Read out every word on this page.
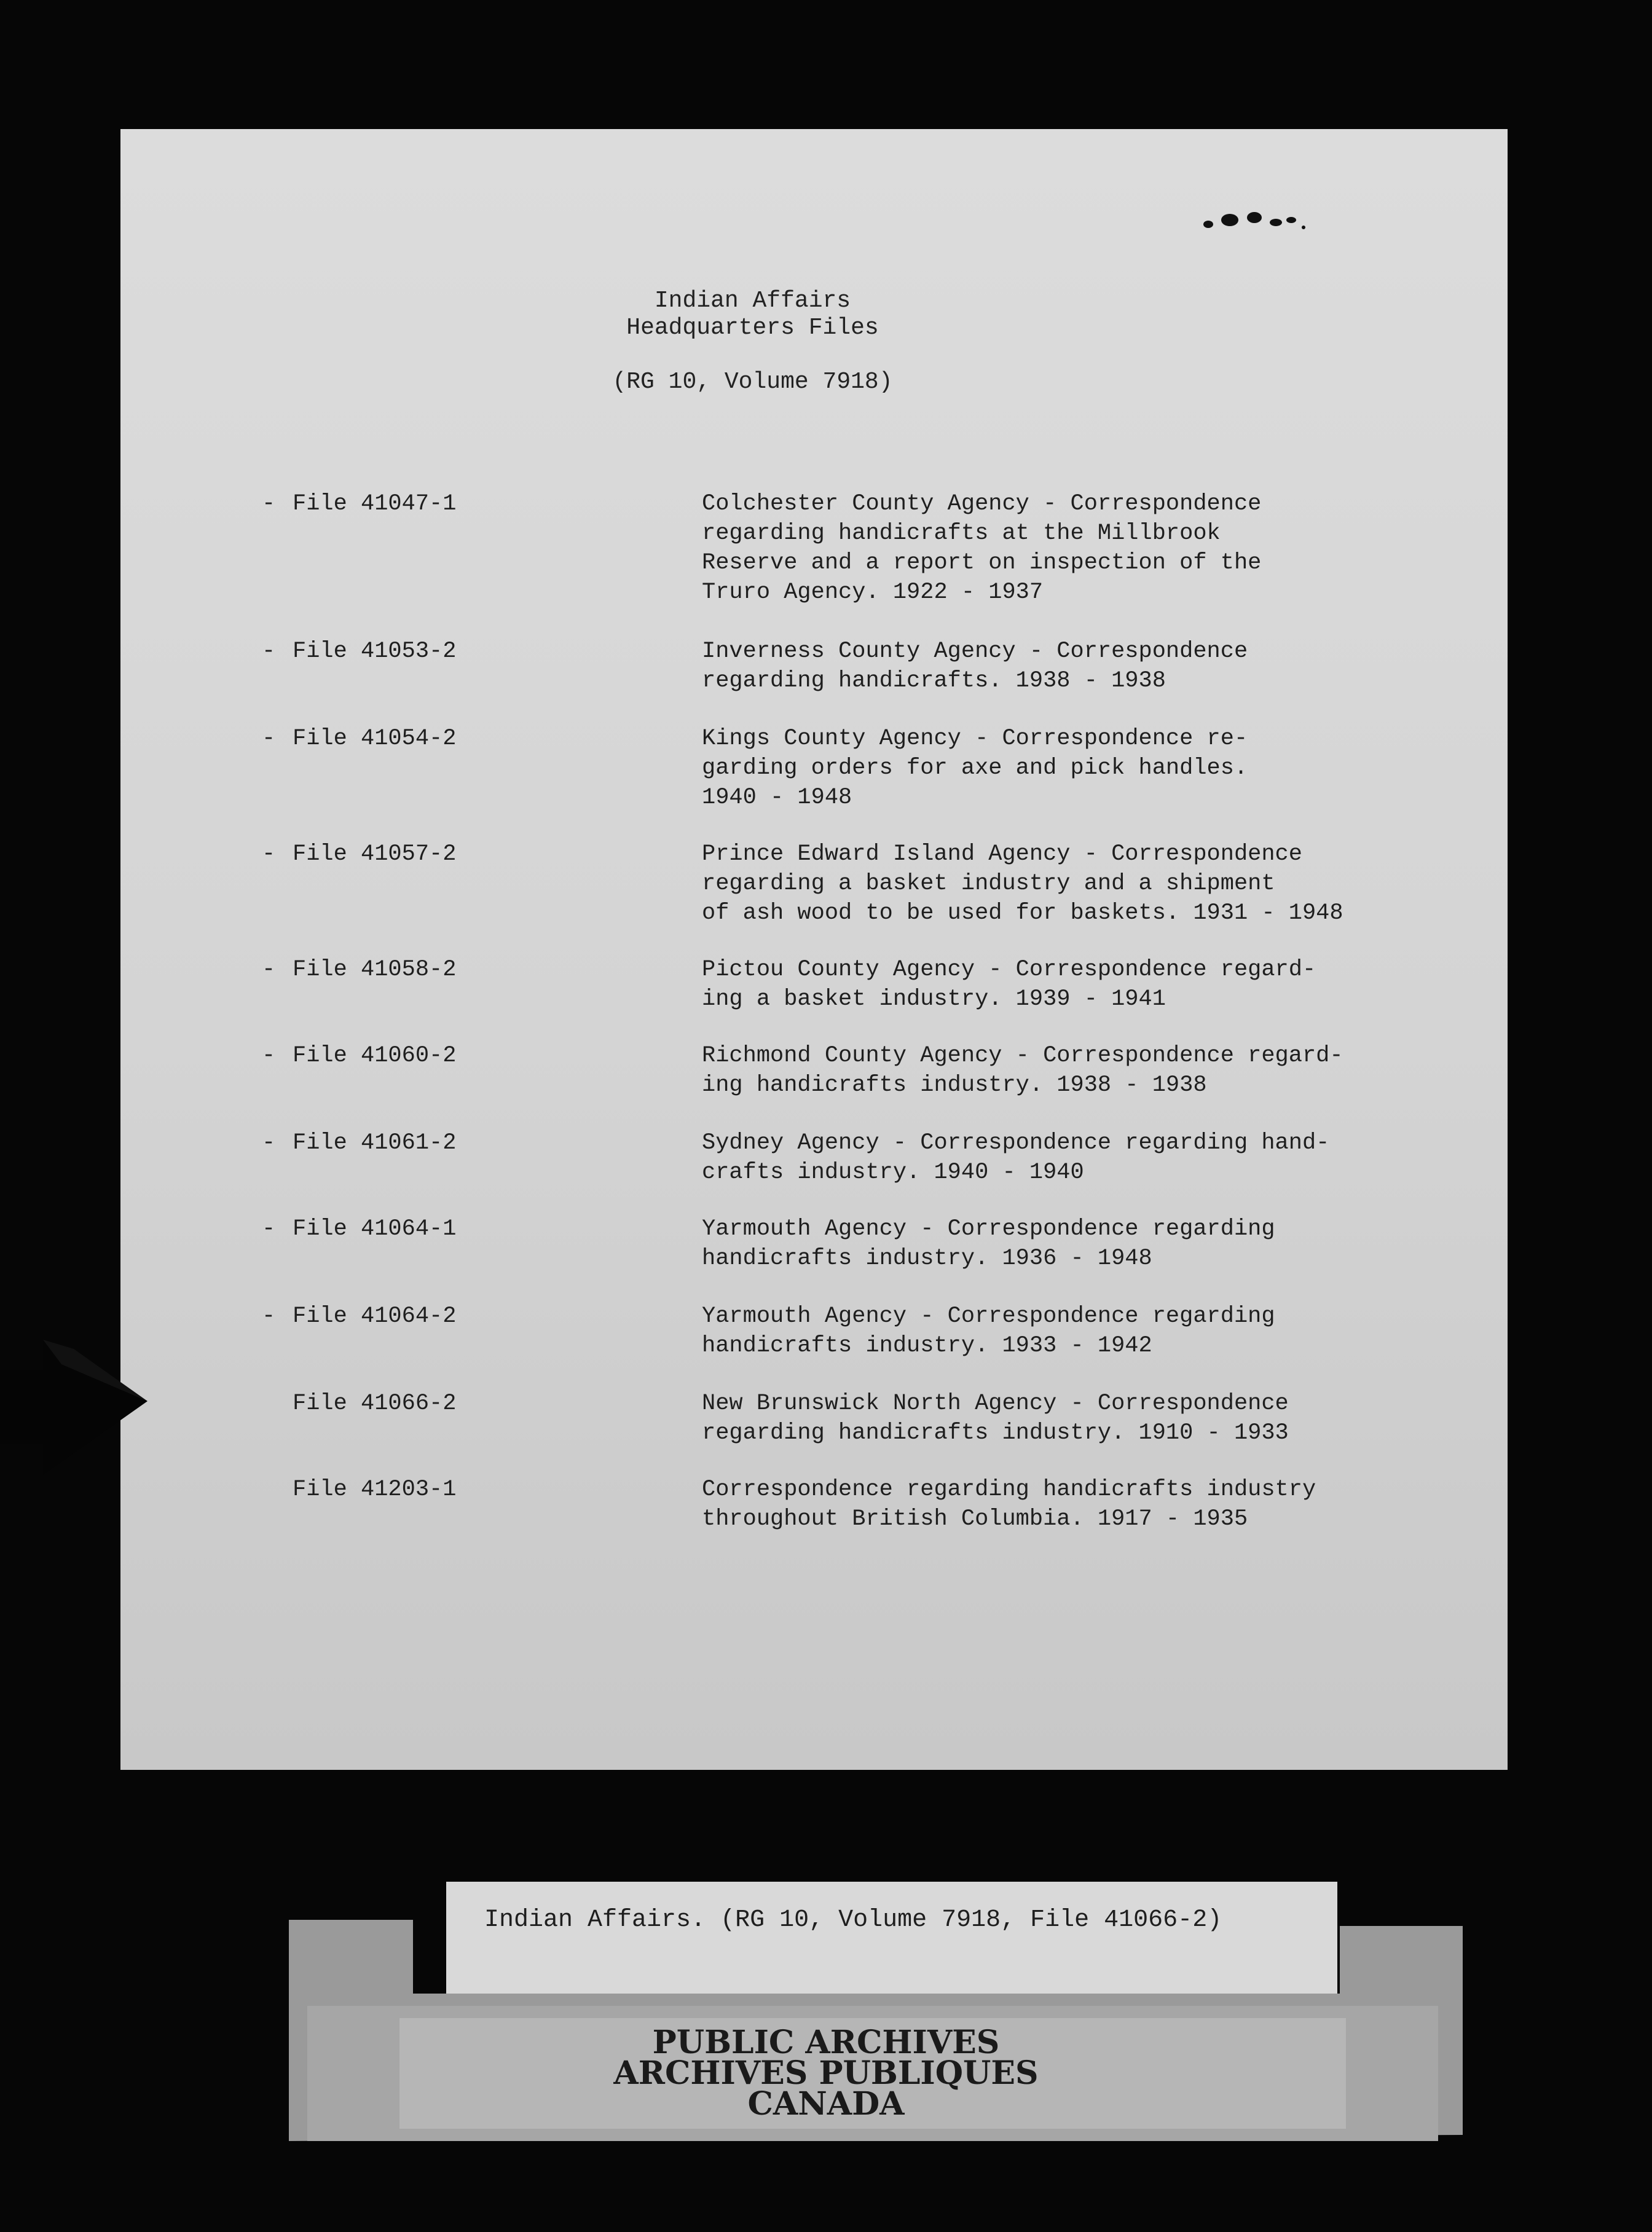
Indian Affairs
Headquarters Files
(RG 10, Volume 7918)
- File 41047-1	Colchester County Agency - Correspondence
regarding handicrafts at the Millbrook
Reserve and a report on inspection of the
Truro Agency. 1922 - 1937
- File 41053-2	Inverness County Agency - Correspondence
regarding handicrafts. 1938 - 1938
- File 41054-2	Kings County Agency - Correspondence re-
garding orders for axe and pick handles.
1940 - 1948
- File 41057-2	Prince Edward Island Agency - Correspondence
regarding a basket industry and a shipment
of ash wood to be used for baskets. 1931 - 1948
- File 41058-2	Pictou County Agency - Correspondence regard-
ing a basket industry. 1939 - 1941
- File 41060-2	Richmond County Agency - Correspondence regard-
ing handicrafts industry. 1938 - 1938
- File 41061-2	Sydney Agency - Correspondence regarding hand-
crafts industry. 1940 - 1940
- File 41064-1	Yarmouth Agency - Correspondence regarding
handicrafts industry. 1936 - 1948
- File 41064-2	Yarmouth Agency - Correspondence regarding
handicrafts industry. 1933 - 1942
File 41066-2	New Brunswick North Agency - Correspondence
regarding handicrafts industry. 1910 - 1933
File 41203-1	Correspondence regarding handicrafts industry
throughout British Columbia. 1917 - 1935
Indian Affairs. (RG 10, Volume 7918, File 41066-2)
PUBLIC ARCHIVES
ARCHIVES PUBLIQUES
CANADA
